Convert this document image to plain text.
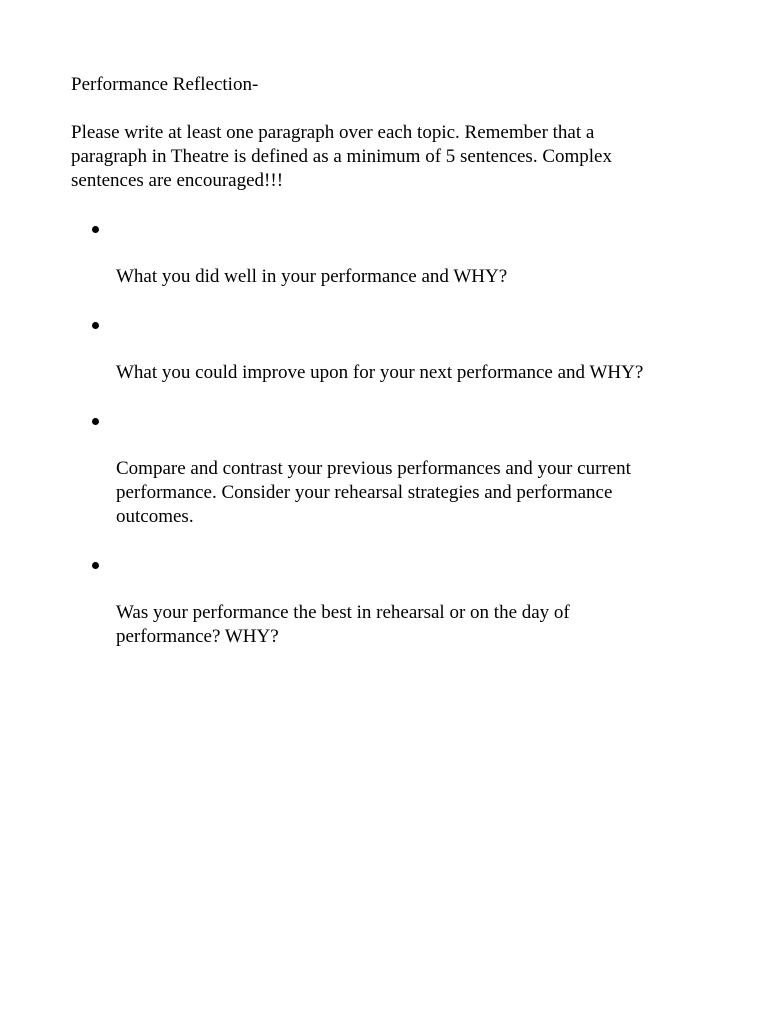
Performance Reflection-

Please write at least one paragraph over each topic. Remember that a
paragraph in Theatre is defined as a minimum of 5 sentences. Complex
sentences are encouraged!!!

What you did well in your performance and WHY?

What you could improve upon for your next performance and WHY?

Compare and contrast your previous performances and your current
performance. Consider your rehearsal strategies and performance
outcomes.

Was your performance the best in rehearsal or on the day of
performance? WHY?
